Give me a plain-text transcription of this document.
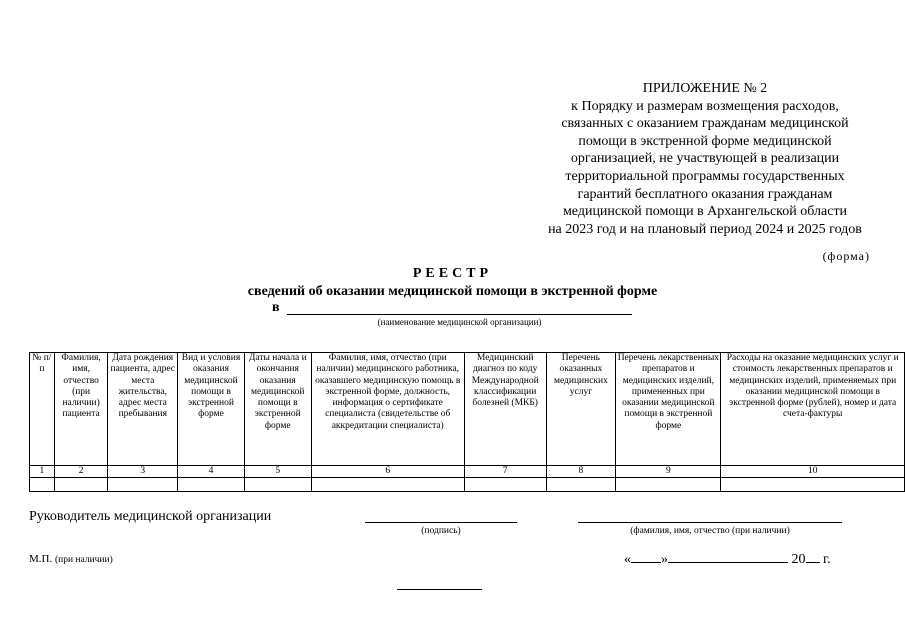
ПРИЛОЖЕНИЕ № 2
к Порядку и размерам возмещения расходов,
связанных с оказанием гражданам медицинской
помощи в экстренной форме медицинской
организацией, не участвующей в реализации
территориальной программы государственных
гарантий бесплатного оказания гражданам
медицинской помощи в Архангельской области
на 2023 год и на плановый период 2024 и 2025 годов
(форма)
РЕЕСТР
сведений об оказании медицинской помощи в экстренной форме
в
(наименование медицинской организации)
№ п/п	Фамилия, имя, отчество (при наличии) пациента	Дата рождения пациента, адрес места жительства, адрес места пребывания	Вид и условия оказания медицинской помощи в экстренной форме	Даты начала и окончания оказания медицинской помощи в экстренной форме	Фамилия, имя, отчество (при наличии) медицинского работника, оказавшего медицинскую помощь в экстренной форме, должность, информация о сертификате специалиста (свидетельстве об аккредитации специалиста)	Медицинский диагноз по коду Международной классификации болезней (МКБ)	Перечень оказанных медицинских услуг	Перечень лекарственных препаратов и медицинских изделий, примененных при оказании медицинской помощи в экстренной форме	Расходы на оказание медицинских услуг и стоимость лекарственных препаратов и медицинских изделий, применяемых при оказании медицинской помощи в экстренной форме (рублей), номер и дата счета-фактуры
1	2	3	4	5	6	7	8	9	10

Руководитель медицинской организации
(подпись)	(фамилия, имя, отчество (при наличии)
М.П. (при наличии)	« »	20 г.
